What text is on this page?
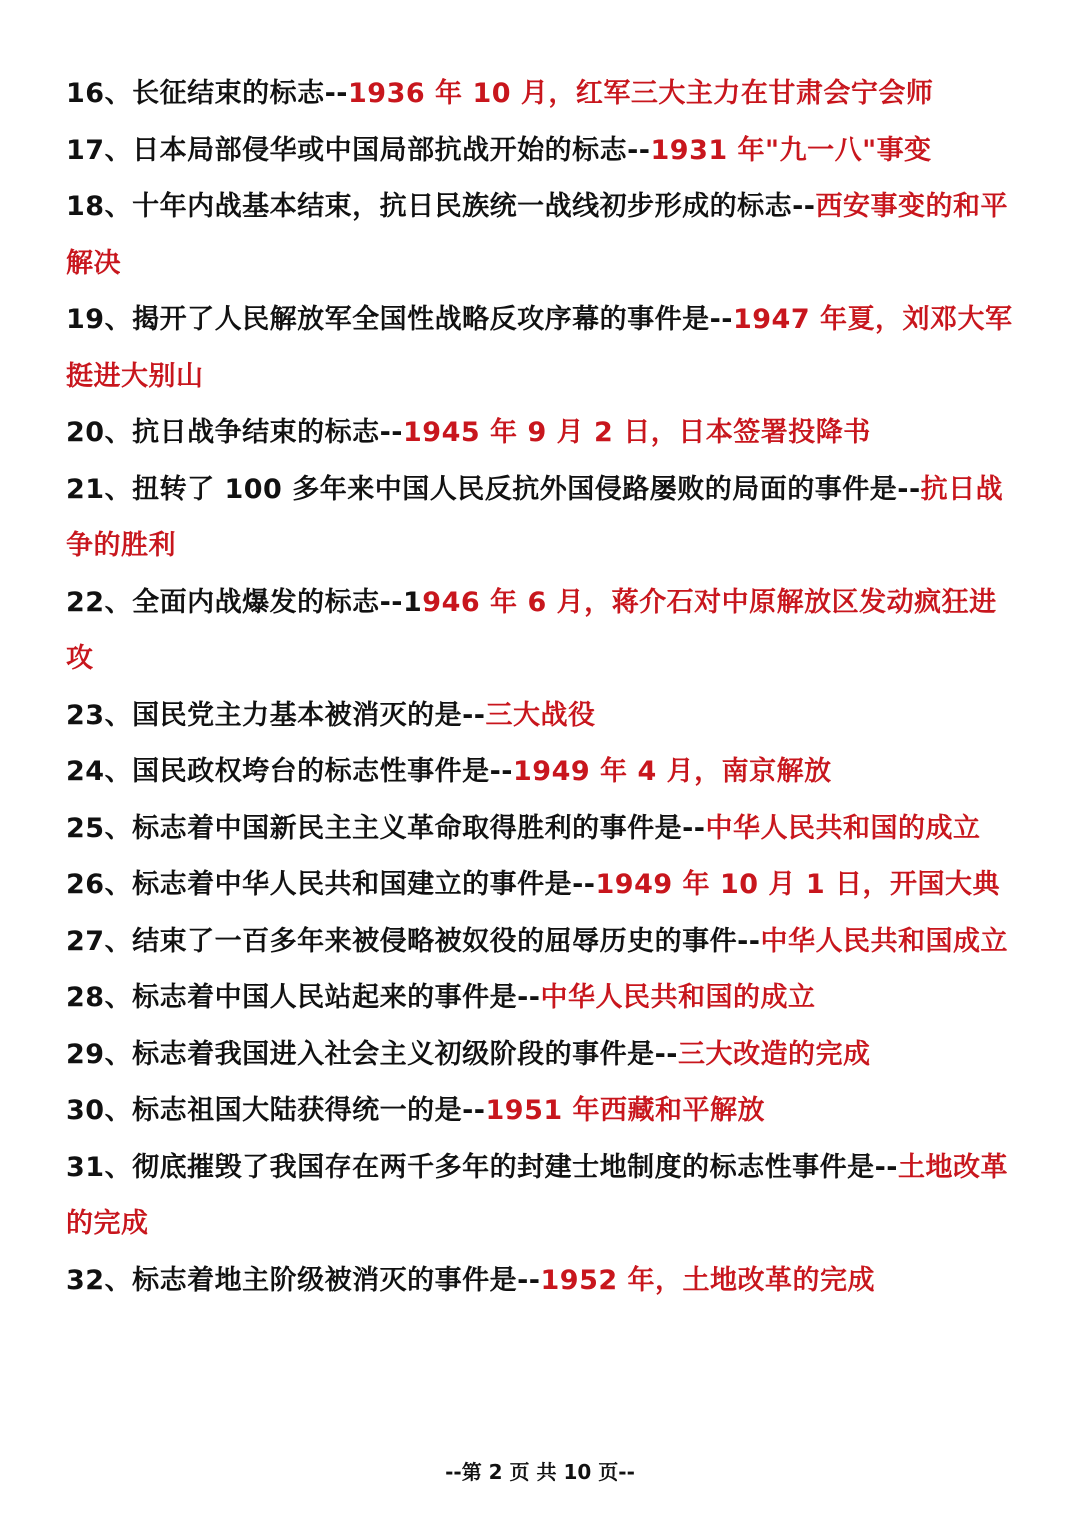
16、长征结束的标志--1936 年 10 月，红军三大主力在甘肃会宁会师
17、日本局部侵华或中国局部抗战开始的标志--1931 年"九一八"事变
18、十年内战基本结束，抗日民族统一战线初步形成的标志--西安事变的和平解决
19、揭开了人民解放军全国性战略反攻序幕的事件是--1947 年夏，刘邓大军挺进大别山
20、抗日战争结束的标志--1945 年 9 月 2 日，日本签署投降书
21、扭转了 100 多年来中国人民反抗外国侵路屡败的局面的事件是--抗日战争的胜利
22、全面内战爆发的标志--1946 年 6 月，蒋介石对中原解放区发动疯狂进攻
23、国民党主力基本被消灭的是--三大战役
24、国民政权垮台的标志性事件是--1949 年 4 月，南京解放
25、标志着中国新民主主义革命取得胜利的事件是--中华人民共和国的成立
26、标志着中华人民共和国建立的事件是--1949 年 10 月 1 日，开国大典
27、结束了一百多年来被侵略被奴役的屈辱历史的事件--中华人民共和国成立
28、标志着中国人民站起来的事件是--中华人民共和国的成立
29、标志着我国进入社会主义初级阶段的事件是--三大改造的完成
30、标志祖国大陆获得统一的是--1951 年西藏和平解放
31、彻底摧毁了我国存在两千多年的封建士地制度的标志性事件是--土地改革的完成
32、标志着地主阶级被消灭的事件是--1952 年，土地改革的完成
--第 2 页 共 10 页--
